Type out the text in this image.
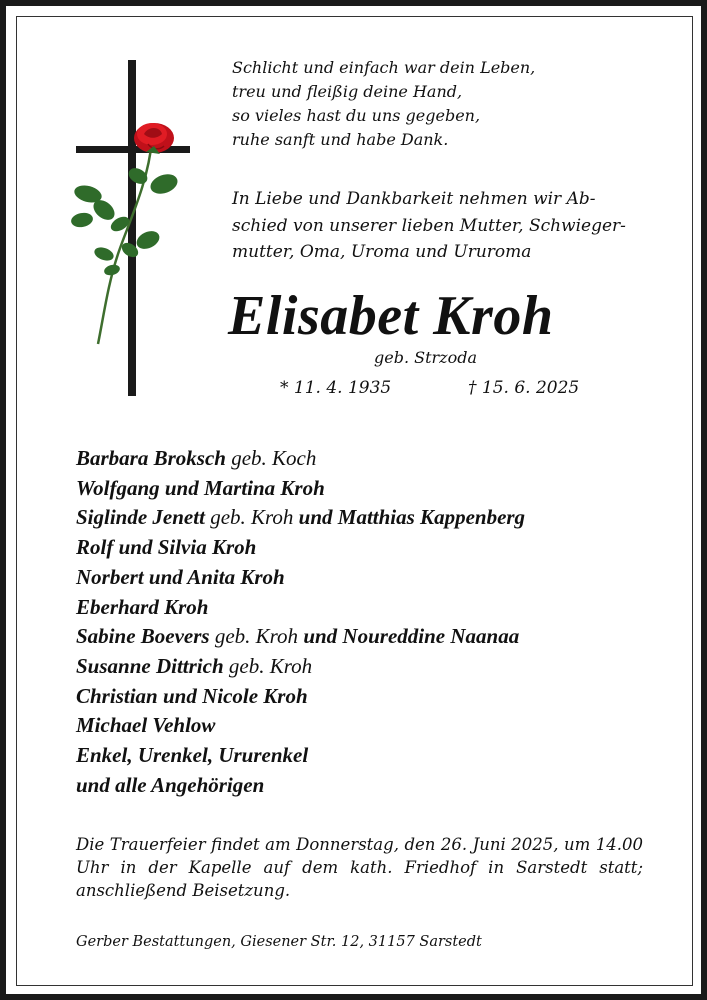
Schlicht und einfach war dein Leben,
treu und fleißig deine Hand,
so vieles hast du uns gegeben,
ruhe sanft und habe Dank.
In Liebe und Dankbarkeit nehmen wir Ab-
schied von unserer lieben Mutter, Schwieger-
mutter, Oma, Uroma und Ururoma
Elisabet Kroh
geb. Strzoda
* 11. 4. 1935	† 15. 6. 2025
Barbara Broksch geb. Koch
Wolfgang und Martina Kroh
Siglinde Jenett geb. Kroh und Matthias Kappenberg
Rolf und Silvia Kroh
Norbert und Anita Kroh
Eberhard Kroh
Sabine Boevers geb. Kroh und Noureddine Naanaa
Susanne Dittrich geb. Kroh
Christian und Nicole Kroh
Michael Vehlow
Enkel, Urenkel, Ururenkel
und alle Angehörigen
Die Trauerfeier findet am Donnerstag, den 26. Juni 2025, um 14.00 Uhr in der Kapelle auf dem kath. Friedhof in Sarstedt statt; anschließend Beisetzung.
Gerber Bestattungen, Giesener Str. 12, 31157 Sarstedt
